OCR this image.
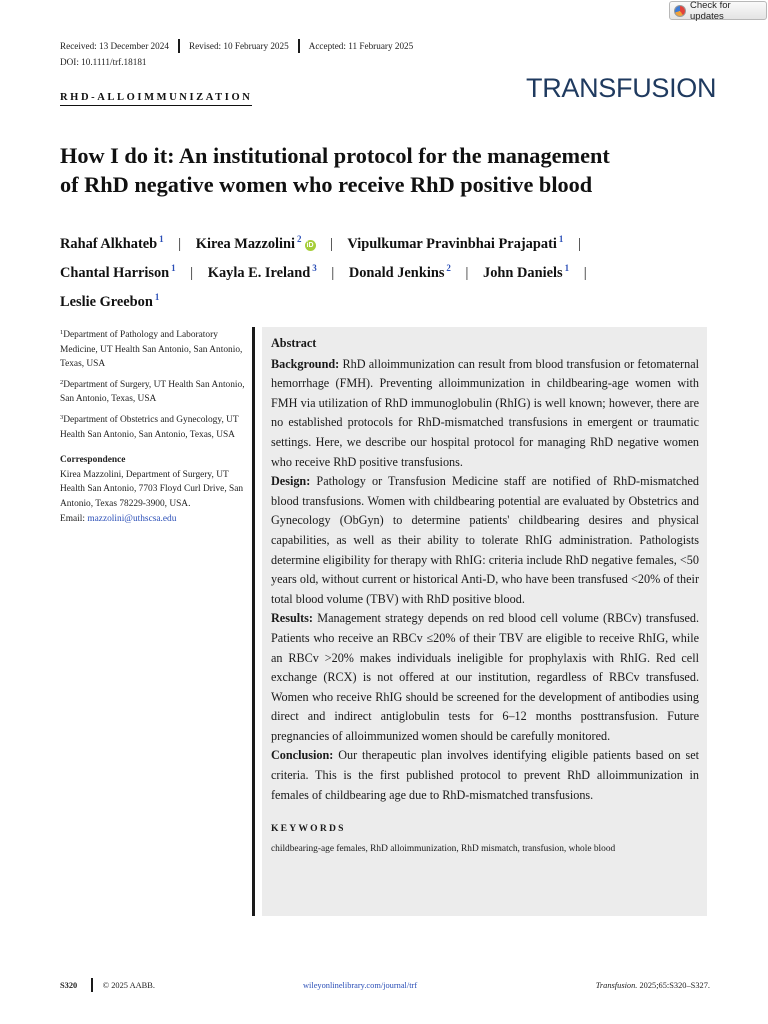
Check for updates
Received: 13 December 2024 Revised: 10 February 2025 Accepted: 11 February 2025
DOI: 10.1111/trf.18181
RHD-ALLOIMMUNIZATION	TRANSFUSION
How I do it: An institutional protocol for the management
of RhD negative women who receive RhD positive blood
Rahaf Alkhateb $^1$ | Kirea Mazzolini $^2$iD | Vipulkumar Pravinbhai Prajapati $^1$ |
Chantal Harrison $^1$ | Kayla E. Ireland $^3$ | Donald Jenkins $^2$ | John Daniels $^1$ |
Leslie Greebon $^1$
$^1$Department of Pathology and Laboratory Medicine, UT Health San Antonio, San Antonio, Texas, USA
$^2$Department of Surgery, UT Health San Antonio, San Antonio, Texas, USA
$^3$Department of Obstetrics and Gynecology, UT Health San Antonio, San Antonio, Texas, USA
Correspondence
Kirea Mazzolini, Department of Surgery, UT Health San Antonio, 7703 Floyd Curl Drive, San Antonio, Texas 78229-3900, USA.
Email: mazzolini@uthscsa.edu
Abstract

Background: RhD alloimmunization can result from blood transfusion or fetomaternal hemorrhage (FMH). Preventing alloimmunization in childbearing-age women with FMH via utilization of RhD immunoglobulin (RhIG) is well known; however, there are no established protocols for RhD-mismatched transfusions in emergent or traumatic settings. Here, we describe our hospital protocol for managing RhD negative women who receive RhD positive transfusions.

Design: Pathology or Transfusion Medicine staff are notified of RhD-mismatched blood transfusions. Women with childbearing potential are evaluated by Obstetrics and Gynecology (ObGyn) to determine patients' childbearing desires and physical capabilities, as well as their ability to tolerate RhIG administration. Pathologists determine eligibility for therapy with RhIG: criteria include RhD negative females, <50 years old, without current or historical Anti-D, who have been transfused <20% of their total blood volume (TBV) with RhD positive blood.

Results: Management strategy depends on red blood cell volume (RBCv) transfused. Patients who receive an RBCv ≤20% of their TBV are eligible to receive RhIG, while an RBCv >20% makes individuals ineligible for prophylaxis with RhIG. Red cell exchange (RCX) is not offered at our institution, regardless of RBCv transfused. Women who receive RhIG should be screened for the development of antibodies using direct and indirect antiglobulin tests for 6–12 months posttransfusion. Future pregnancies of alloimmunized women should be carefully monitored.

Conclusion: Our therapeutic plan involves identifying eligible patients based on set criteria. This is the first published protocol to prevent RhD alloimmunization in females of childbearing age due to RhD-mismatched transfusions.

KEYWORDS
childbearing-age females, RhD alloimmunization, RhD mismatch, transfusion, whole blood
S320	© 2025 AABB.	wileyonlinelibrary.com/journal/trf	Transfusion. 2025;65:S320–S327.
